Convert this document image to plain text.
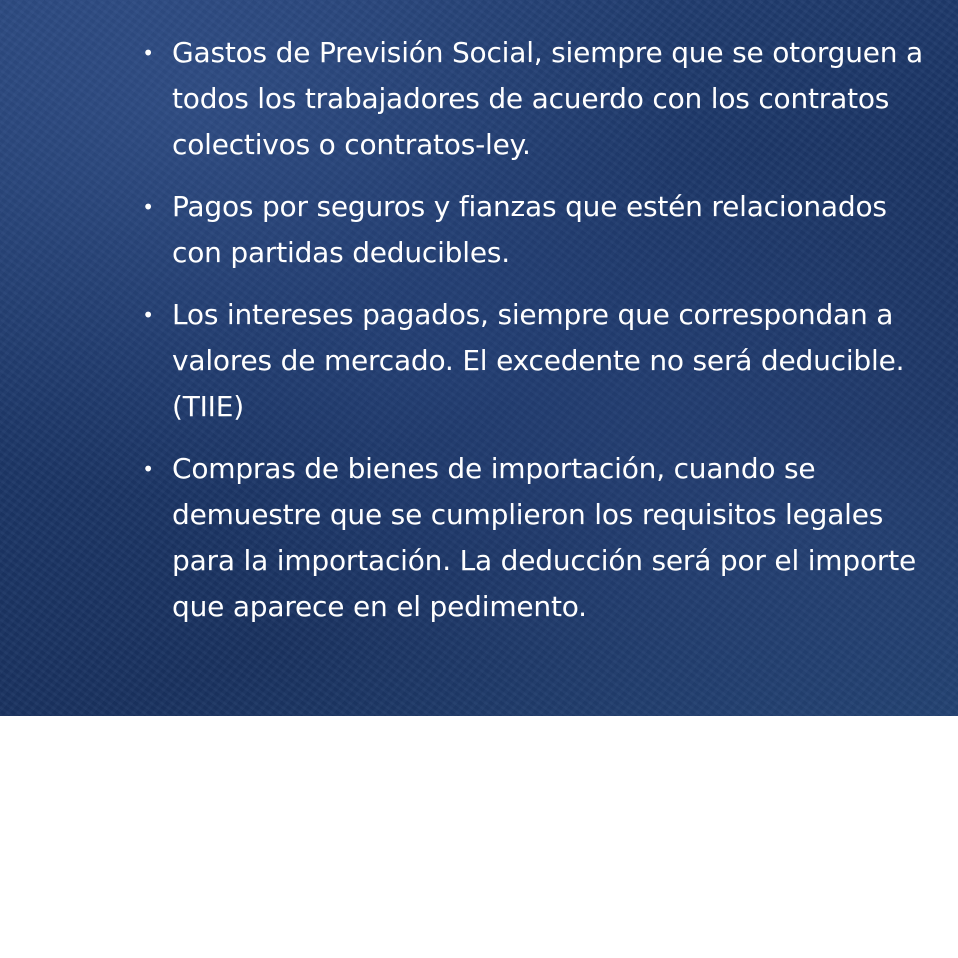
• Gastos de Previsión Social, siempre que se otorguen a todos los trabajadores de acuerdo con los contratos colectivos o contratos-ley.
• Pagos por seguros y fianzas que estén relacionados con partidas deducibles.
• Los intereses pagados, siempre que correspondan a valores de mercado. El excedente no será deducible. (TIIE)
• Compras de bienes de importación, cuando se demuestre que se cumplieron los requisitos legales para la importación. La deducción será por el importe que aparece en el pedimento.
